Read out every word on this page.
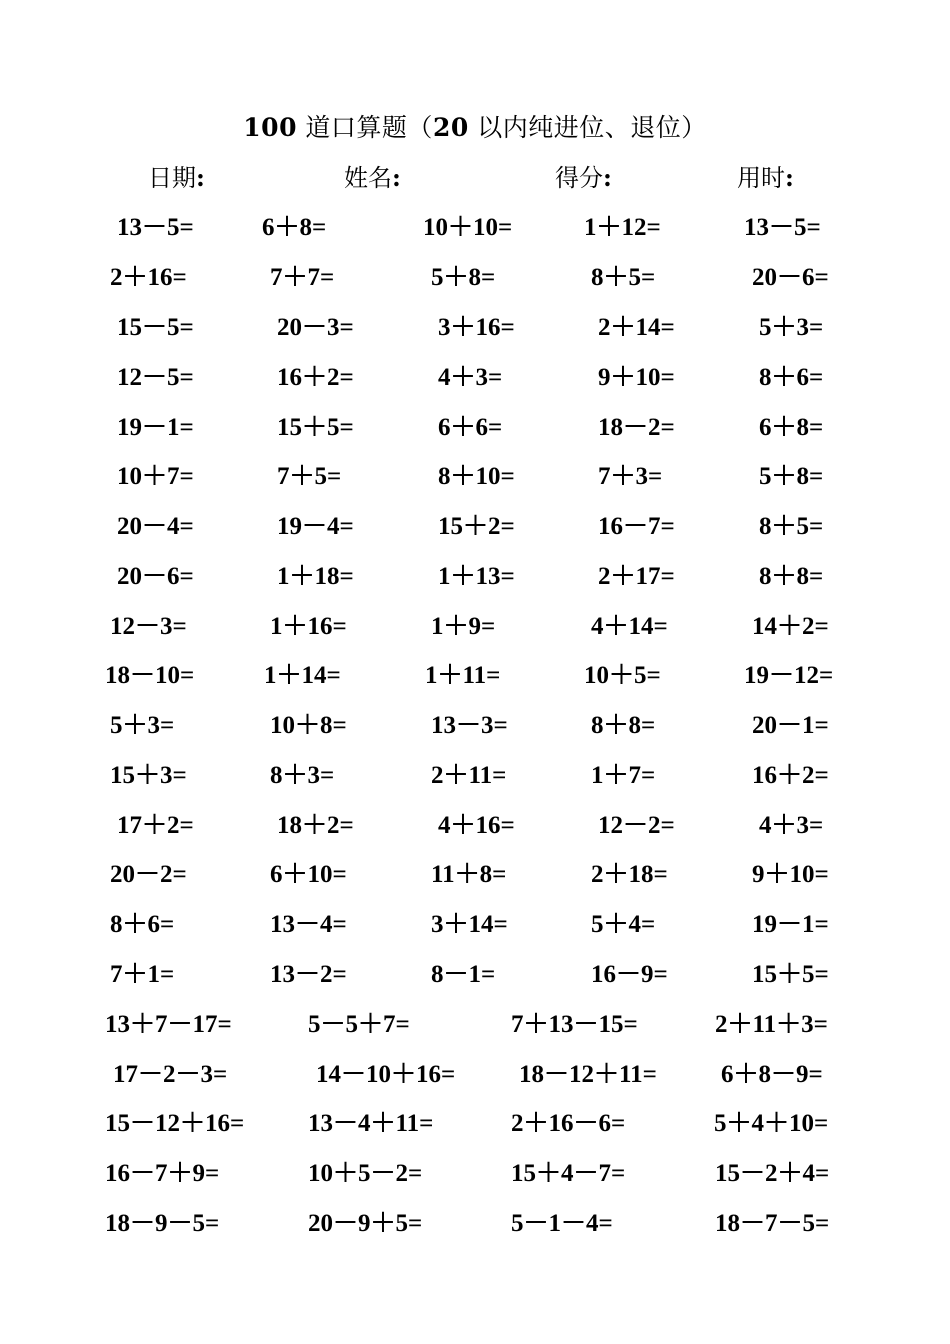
100 道口算题（20 以内纯进位、退位）
日期:	姓名:	得分:	用时:
13－5=	6＋8=	10＋10=	1＋12=	13－5=
2＋16=	7＋7=	5＋8=	8＋5=	20－6=
15－5=	20－3=	3＋16=	2＋14=	5＋3=
12－5=	16＋2=	4＋3=	9＋10=	8＋6=
19－1=	15＋5=	6＋6=	18－2=	6＋8=
10＋7=	7＋5=	8＋10=	7＋3=	5＋8=
20－4=	19－4=	15＋2=	16－7=	8＋5=
20－6=	1＋18=	1＋13=	2＋17=	8＋8=
12－3=	1＋16=	1＋9=	4＋14=	14＋2=
18－10=	1＋14=	1＋11=	10＋5=	19－12=
5＋3=	10＋8=	13－3=	8＋8=	20－1=
15＋3=	8＋3=	2＋11=	1＋7=	16＋2=
17＋2=	18＋2=	4＋16=	12－2=	4＋3=
20－2=	6＋10=	11＋8=	2＋18=	9＋10=
8＋6=	13－4=	3＋14=	5＋4=	19－1=
7＋1=	13－2=	8－1=	16－9=	15＋5=
13＋7－17=	5－5＋7=	7＋13－15=	2＋11＋3=
17－2－3=	14－10＋16=	18－12＋11=	6＋8－9=
15－12＋16=	13－4＋11=	2＋16－6=	5＋4＋10=
16－7＋9=	10＋5－2=	15＋4－7=	15－2＋4=
18－9－5=	20－9＋5=	5－1－4=	18－7－5=
